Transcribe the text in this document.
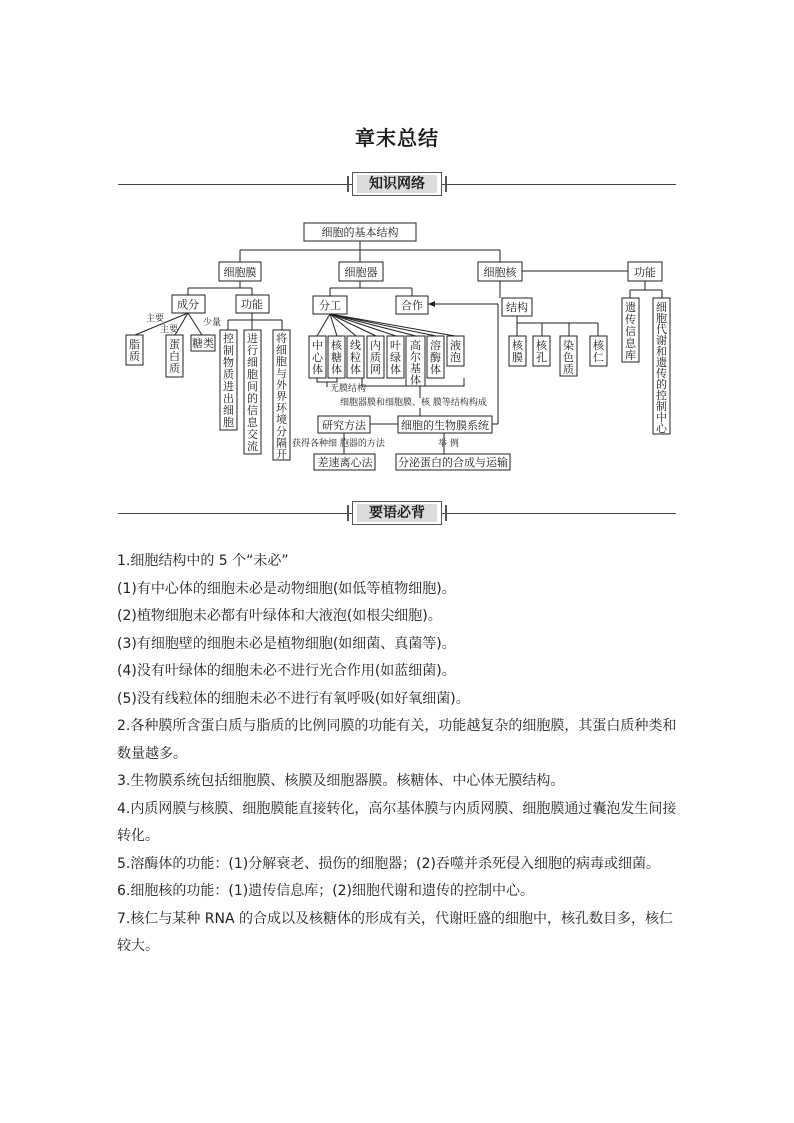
章末总结
知识网络
细胞的基本结构
细胞膜	细胞器	细胞核	功能
成分	功能
主要
主要
少量
糖类
分工	合作
无膜结构
细胞器膜和细胞膜、核 膜等结构构成
研究方法	细胞的生物膜系统
获得各种细 胞器的方法	举 例
差速离心法 分泌蛋白的合成与运输
结构
脂质
蛋白质
控制物质进出细胞
进行细胞间的信息交流
将细胞与外界环境分隔开
中心体
核糖体
线粒体
内质网
叶绿体
高尔基体
溶酶体
液泡
核膜
核孔
染色质
核仁
遗传信息库
细胞代谢和遗传的控制中心
要语必背

1.细胞结构中的 5 个“未必”

(1)有中心体的细胞未必是动物细胞(如低等植物细胞)。

(2)植物细胞未必都有叶绿体和大液泡(如根尖细胞)。

(3)有细胞壁的细胞未必是植物细胞(如细菌、真菌等)。

(4)没有叶绿体的细胞未必不进行光合作用(如蓝细菌)。

(5)没有线粒体的细胞未必不进行有氧呼吸(如好氧细菌)。

2.各种膜所含蛋白质与脂质的比例同膜的功能有关，功能越复杂的细胞膜，其蛋白质种类和数量越多。

3.生物膜系统包括细胞膜、核膜及细胞器膜。核糖体、中心体无膜结构。

4.内质网膜与核膜、细胞膜能直接转化，高尔基体膜与内质网膜、细胞膜通过囊泡发生间接转化。

5.溶酶体的功能：(1)分解衰老、损伤的细胞器；(2)吞噬并杀死侵入细胞的病毒或细菌。

6.细胞核的功能：(1)遗传信息库；(2)细胞代谢和遗传的控制中心。

7.核仁与某种 RNA 的合成以及核糖体的形成有关，代谢旺盛的细胞中，核孔数目多，核仁较大。
